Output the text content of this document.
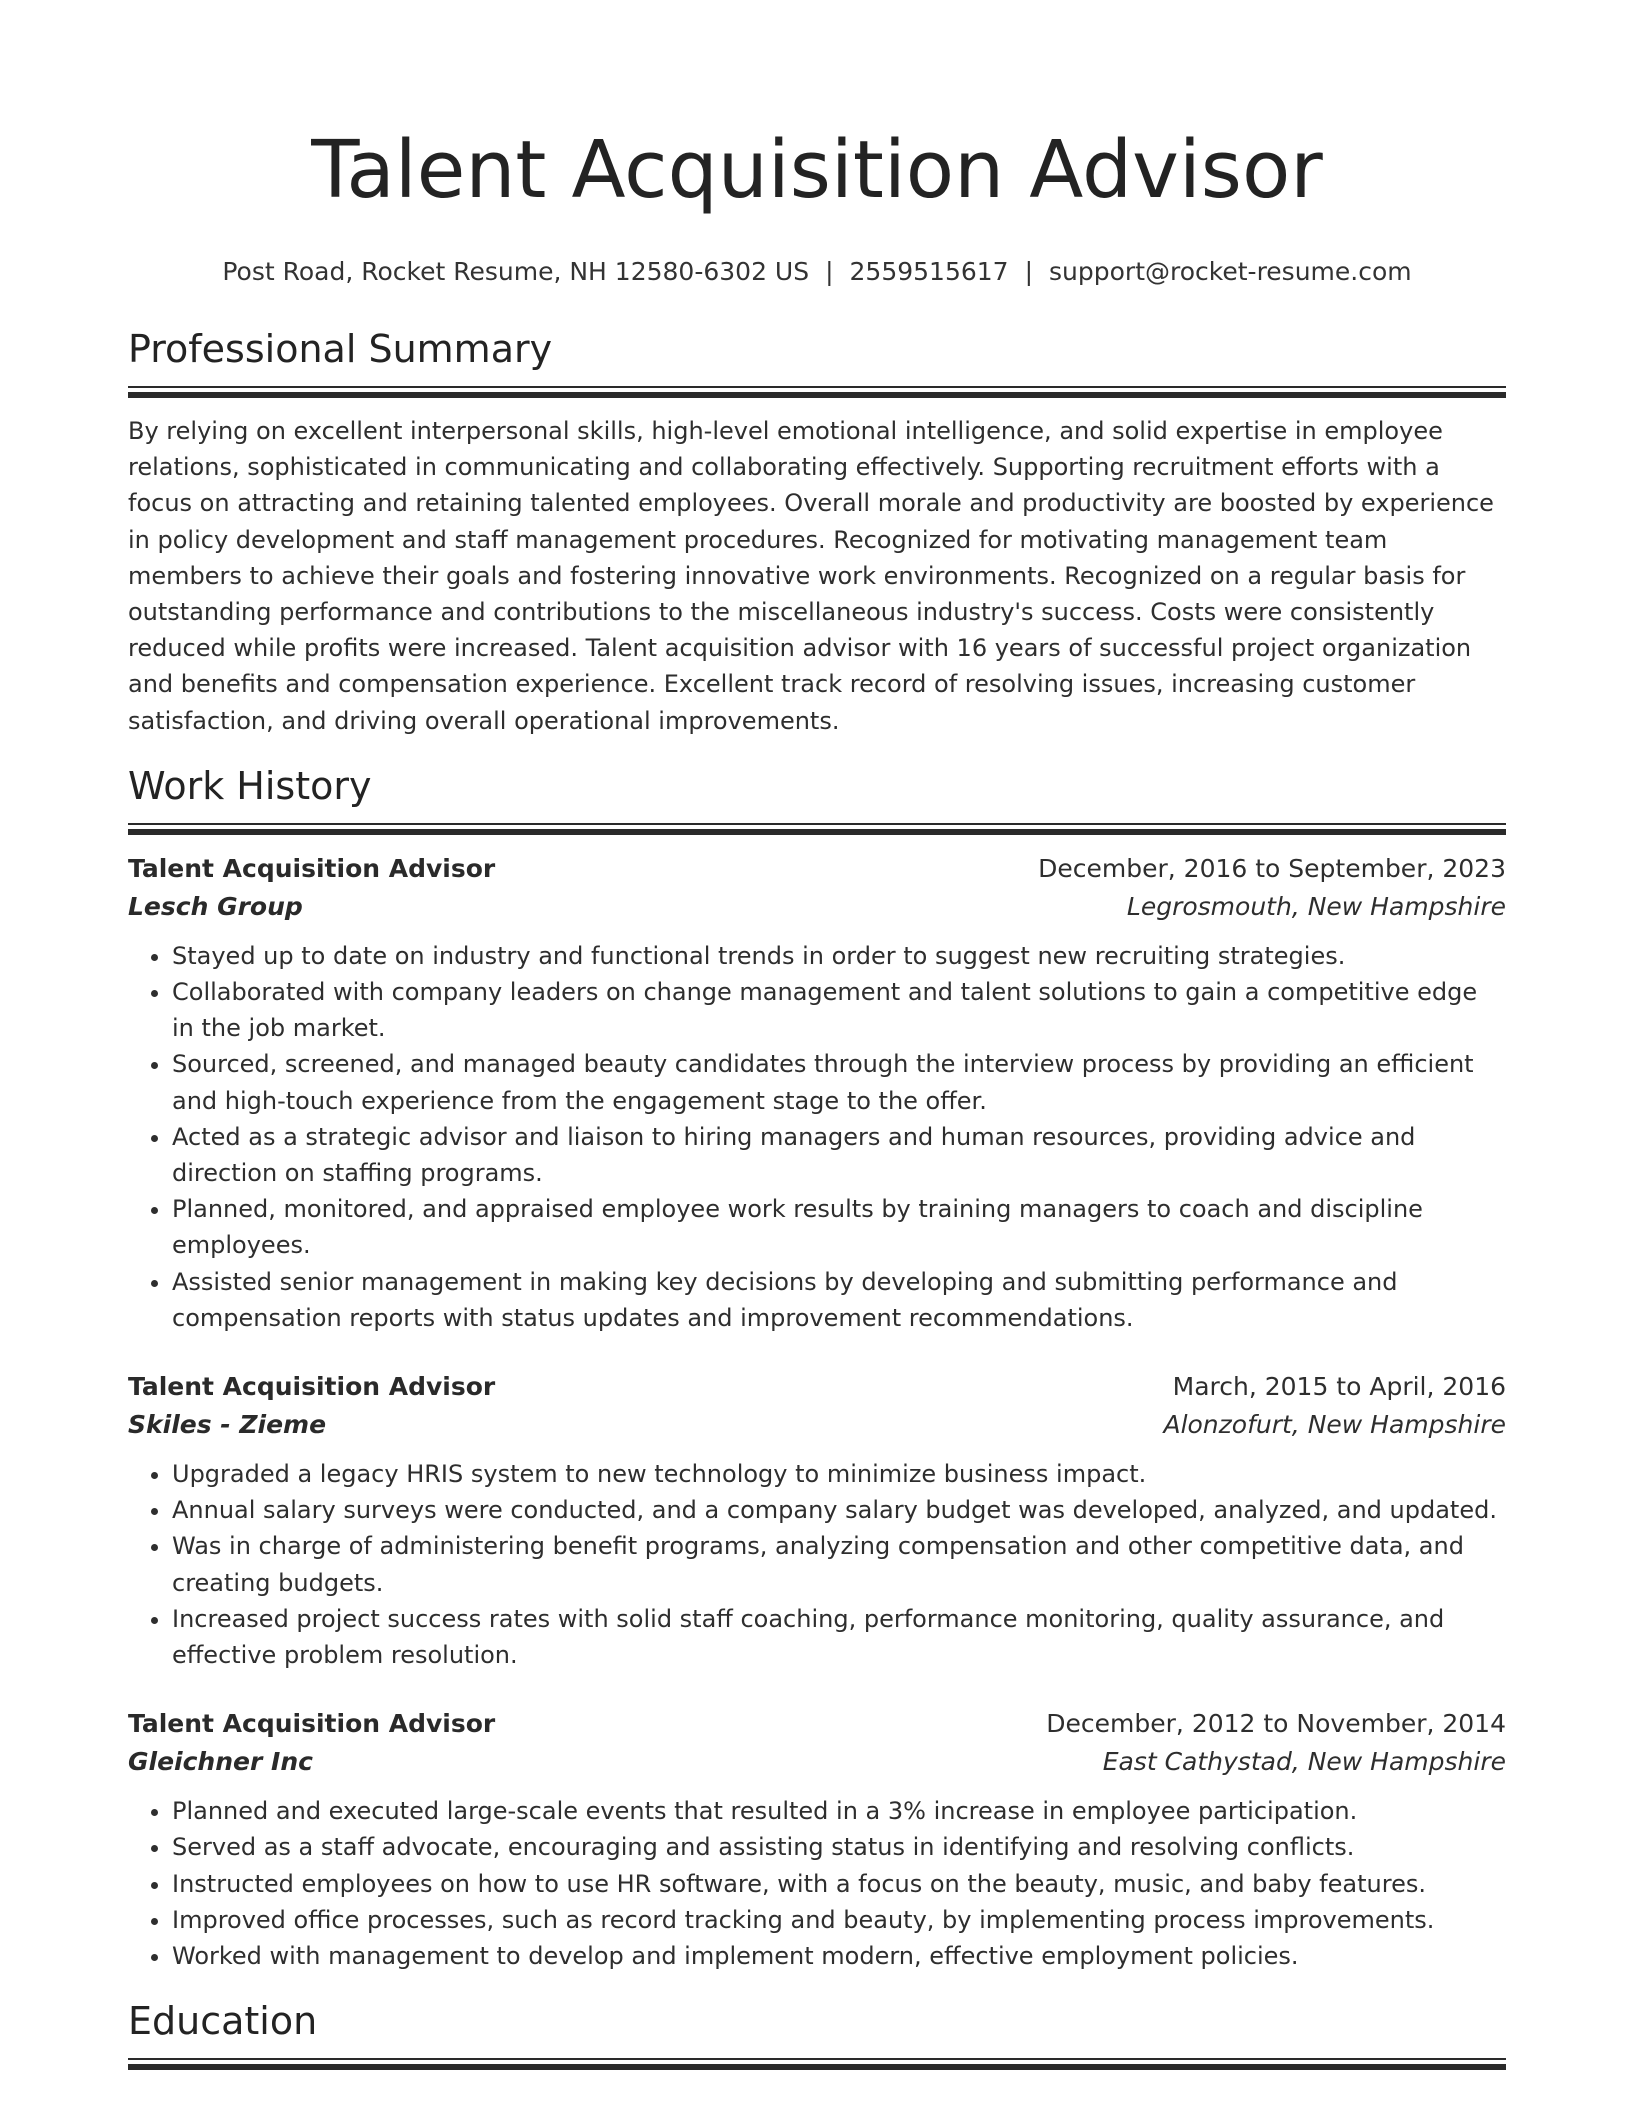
Talent Acquisition Advisor
Post Road, Rocket Resume, NH 12580-6302 US | 2559515617 | support@rocket-resume.com
Professional Summary

By relying on excellent interpersonal skills, high-level emotional intelligence, and solid expertise in employee relations, sophisticated in communicating and collaborating effectively. Supporting recruitment efforts with a focus on attracting and retaining talented employees. Overall morale and productivity are boosted by experience in policy development and staff management procedures. Recognized for motivating management team members to achieve their goals and fostering innovative work environments. Recognized on a regular basis for outstanding performance and contributions to the miscellaneous industry's success. Costs were consistently reduced while profits were increased. Talent acquisition advisor with 16 years of successful project organization and benefits and compensation experience. Excellent track record of resolving issues, increasing customer satisfaction, and driving overall operational improvements.

Work History
Talent Acquisition Advisor	December, 2016 to September, 2023
Lesch Group	Legrosmouth, New Hampshire
• Stayed up to date on industry and functional trends in order to suggest new recruiting strategies.
• Collaborated with company leaders on change management and talent solutions to gain a competitive edge in the job market.
• Sourced, screened, and managed beauty candidates through the interview process by providing an efficient and high-touch experience from the engagement stage to the offer.
• Acted as a strategic advisor and liaison to hiring managers and human resources, providing advice and direction on staffing programs.
• Planned, monitored, and appraised employee work results by training managers to coach and discipline employees.
• Assisted senior management in making key decisions by developing and submitting performance and compensation reports with status updates and improvement recommendations.
Talent Acquisition Advisor	March, 2015 to April, 2016
Skiles - Zieme	Alonzofurt, New Hampshire
• Upgraded a legacy HRIS system to new technology to minimize business impact.
• Annual salary surveys were conducted, and a company salary budget was developed, analyzed, and updated.
• Was in charge of administering benefit programs, analyzing compensation and other competitive data, and creating budgets.
• Increased project success rates with solid staff coaching, performance monitoring, quality assurance, and effective problem resolution.
Talent Acquisition Advisor	December, 2012 to November, 2014
Gleichner Inc	East Cathystad, New Hampshire
• Planned and executed large-scale events that resulted in a 3% increase in employee participation.
• Served as a staff advocate, encouraging and assisting status in identifying and resolving conflicts.
• Instructed employees on how to use HR software, with a focus on the beauty, music, and baby features.
• Improved office processes, such as record tracking and beauty, by implementing process improvements.
• Worked with management to develop and implement modern, effective employment policies.
Education
